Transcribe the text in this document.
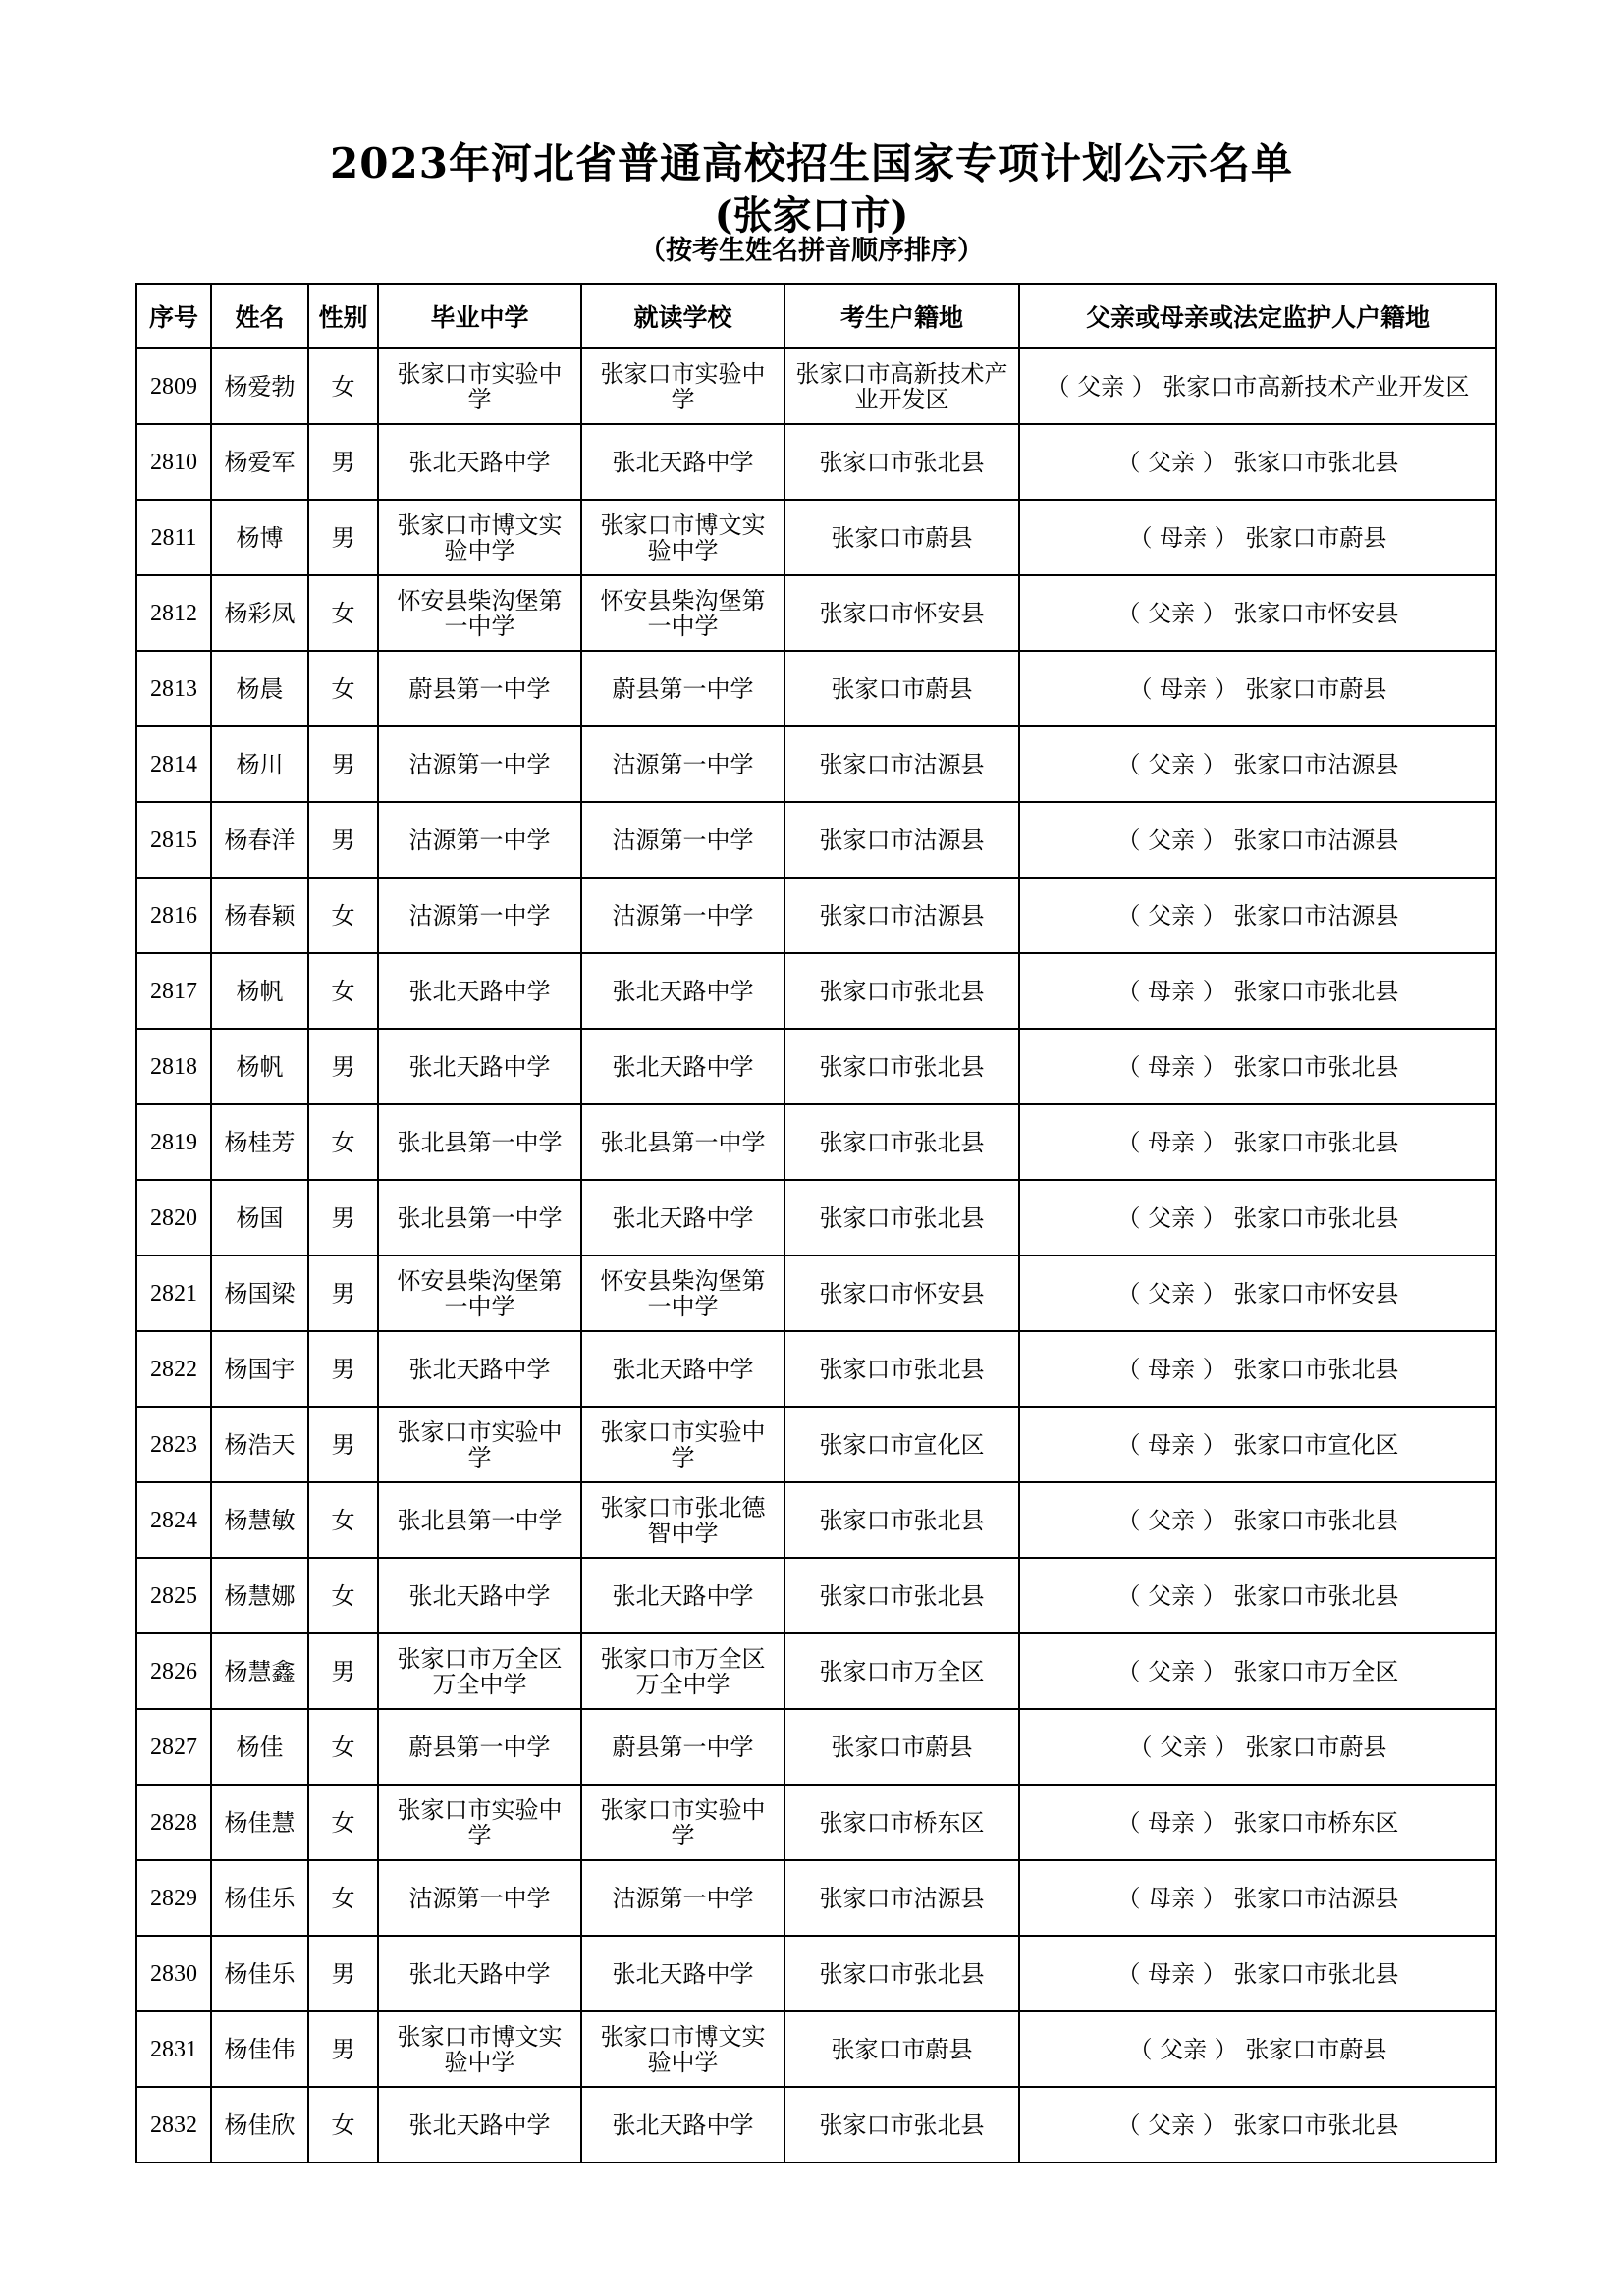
2023年河北省普通高校招生国家专项计划公示名单
(张家口市)
（按考生姓名拼音顺序排序）
序号	姓名	性别	毕业中学	就读学校	考生户籍地	父亲或母亲或法定监护人户籍地
2809	杨爱勃	女	张家口市实验中学	张家口市实验中学	张家口市高新技术产业开发区	（ 父亲 ） 张家口市高新技术产业开发区
2810	杨爱军	男	张北天路中学	张北天路中学	张家口市张北县	（ 父亲 ） 张家口市张北县
2811	杨博	男	张家口市博文实验中学	张家口市博文实验中学	张家口市蔚县	（ 母亲 ） 张家口市蔚县
2812	杨彩凤	女	怀安县柴沟堡第一中学	怀安县柴沟堡第一中学	张家口市怀安县	（ 父亲 ） 张家口市怀安县
2813	杨晨	女	蔚县第一中学	蔚县第一中学	张家口市蔚县	（ 母亲 ） 张家口市蔚县
2814	杨川	男	沽源第一中学	沽源第一中学	张家口市沽源县	（ 父亲 ） 张家口市沽源县
2815	杨春洋	男	沽源第一中学	沽源第一中学	张家口市沽源县	（ 父亲 ） 张家口市沽源县
2816	杨春颖	女	沽源第一中学	沽源第一中学	张家口市沽源县	（ 父亲 ） 张家口市沽源县
2817	杨帆	女	张北天路中学	张北天路中学	张家口市张北县	（ 母亲 ） 张家口市张北县
2818	杨帆	男	张北天路中学	张北天路中学	张家口市张北县	（ 母亲 ） 张家口市张北县
2819	杨桂芳	女	张北县第一中学	张北县第一中学	张家口市张北县	（ 母亲 ） 张家口市张北县
2820	杨国	男	张北县第一中学	张北天路中学	张家口市张北县	（ 父亲 ） 张家口市张北县
2821	杨国梁	男	怀安县柴沟堡第一中学	怀安县柴沟堡第一中学	张家口市怀安县	（ 父亲 ） 张家口市怀安县
2822	杨国宇	男	张北天路中学	张北天路中学	张家口市张北县	（ 母亲 ） 张家口市张北县
2823	杨浩天	男	张家口市实验中学	张家口市实验中学	张家口市宣化区	（ 母亲 ） 张家口市宣化区
2824	杨慧敏	女	张北县第一中学	张家口市张北德智中学	张家口市张北县	（ 父亲 ） 张家口市张北县
2825	杨慧娜	女	张北天路中学	张北天路中学	张家口市张北县	（ 父亲 ） 张家口市张北县
2826	杨慧鑫	男	张家口市万全区万全中学	张家口市万全区万全中学	张家口市万全区	（ 父亲 ） 张家口市万全区
2827	杨佳	女	蔚县第一中学	蔚县第一中学	张家口市蔚县	（ 父亲 ） 张家口市蔚县
2828	杨佳慧	女	张家口市实验中学	张家口市实验中学	张家口市桥东区	（ 母亲 ） 张家口市桥东区
2829	杨佳乐	女	沽源第一中学	沽源第一中学	张家口市沽源县	（ 母亲 ） 张家口市沽源县
2830	杨佳乐	男	张北天路中学	张北天路中学	张家口市张北县	（ 母亲 ） 张家口市张北县
2831	杨佳伟	男	张家口市博文实验中学	张家口市博文实验中学	张家口市蔚县	（ 父亲 ） 张家口市蔚县
2832	杨佳欣	女	张北天路中学	张北天路中学	张家口市张北县	（ 父亲 ） 张家口市张北县
